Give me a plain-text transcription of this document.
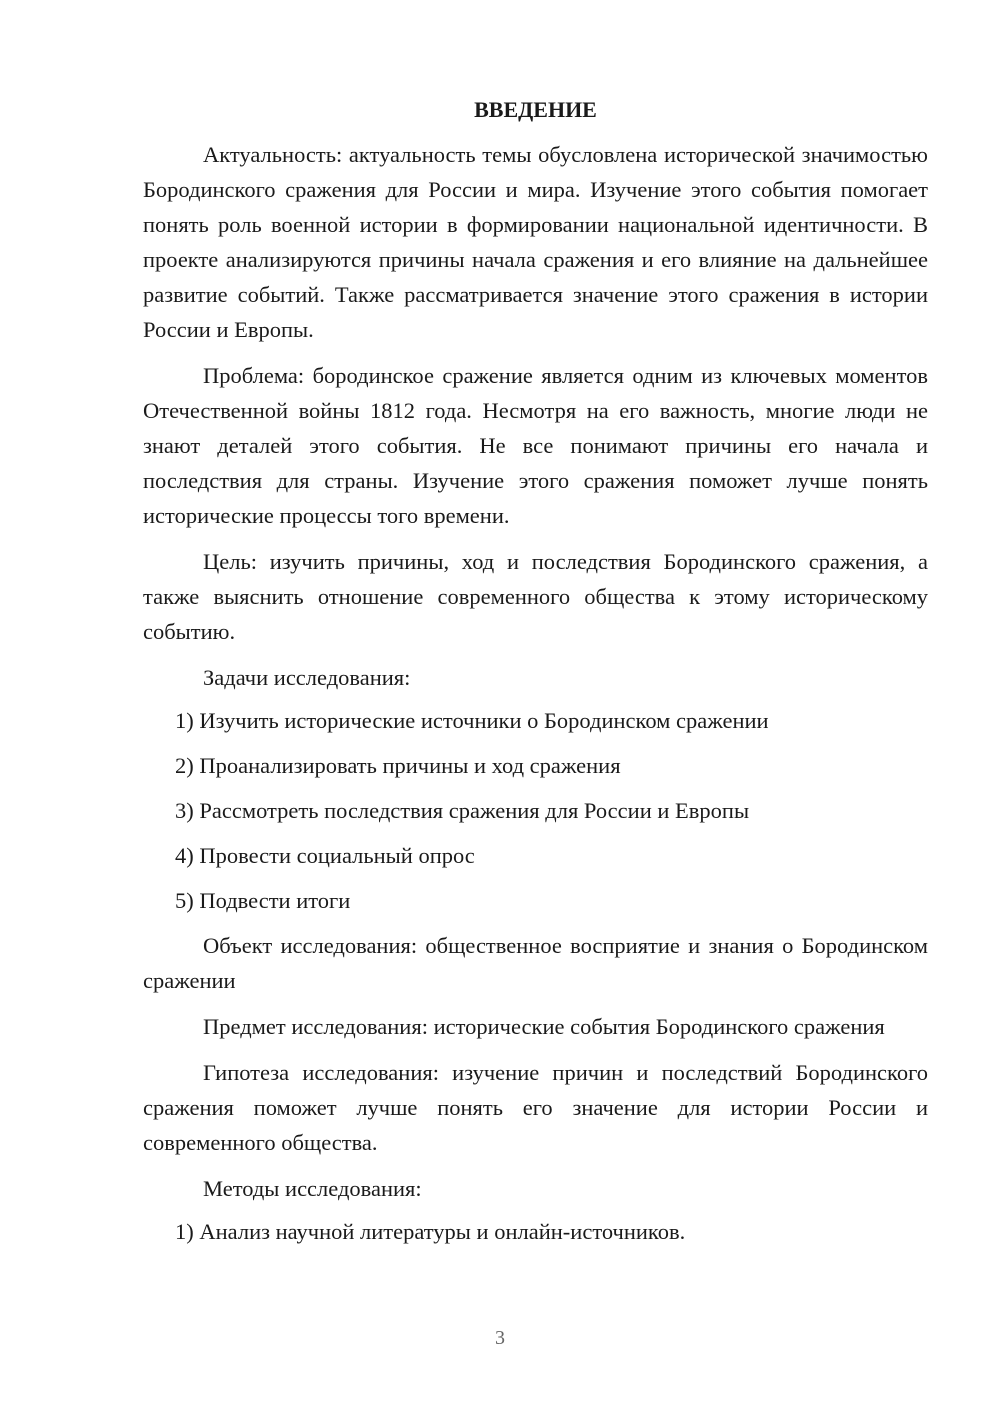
ВВЕДЕНИЕ

Актуальность: актуальность темы обусловлена исторической значимостью Бородинского сражения для России и мира. Изучение этого события помогает понять роль военной истории в формировании национальной идентичности. В проекте анализируются причины начала сражения и его влияние на дальнейшее развитие событий. Также рассматривается значение этого сражения в истории России и Европы.

Проблема: бородинское сражение является одним из ключевых моментов Отечественной войны 1812 года. Несмотря на его важность, многие люди не знают деталей этого события. Не все понимают причины его начала и последствия для страны. Изучение этого сражения поможет лучше понять исторические процессы того времени.

Цель: изучить причины, ход и последствия Бородинского сражения, а также выяснить отношение современного общества к этому историческому событию.

Задачи исследования:

1) Изучить исторические источники о Бородинском сражении

2) Проанализировать причины и ход сражения

3) Рассмотреть последствия сражения для России и Европы

4) Провести социальный опрос

5) Подвести итоги

Объект исследования: общественное восприятие и знания о Бородинском сражении

Предмет исследования: исторические события Бородинского сражения

Гипотеза исследования: изучение причин и последствий Бородинского сражения поможет лучше понять его значение для истории России и современного общества.

Методы исследования:

1) Анализ научной литературы и онлайн-источников.

3
